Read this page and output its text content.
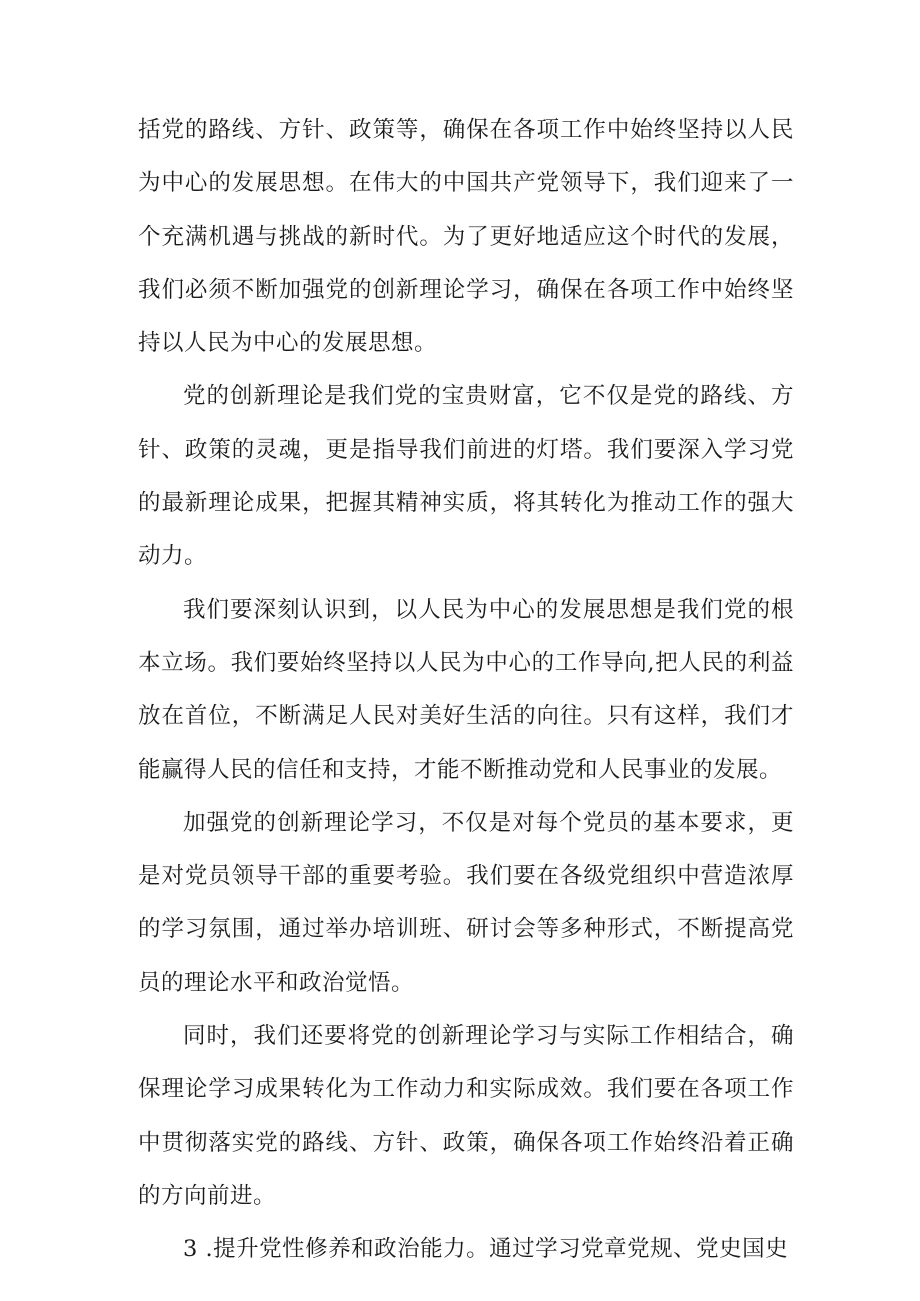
括党的路线、方针、政策等，确保在各项工作中始终坚持以人民为中心的发展思想。在伟大的中国共产党领导下，我们迎来了一个充满机遇与挑战的新时代。为了更好地适应这个时代的发展，我们必须不断加强党的创新理论学习，确保在各项工作中始终坚持以人民为中心的发展思想。

党的创新理论是我们党的宝贵财富，它不仅是党的路线、方针、政策的灵魂，更是指导我们前进的灯塔。我们要深入学习党的最新理论成果，把握其精神实质，将其转化为推动工作的强大动力。

我们要深刻认识到，以人民为中心的发展思想是我们党的根本立场。我们要始终坚持以人民为中心的工作导向,把人民的利益放在首位，不断满足人民对美好生活的向往。只有这样，我们才能赢得人民的信任和支持，才能不断推动党和人民事业的发展。

加强党的创新理论学习，不仅是对每个党员的基本要求，更是对党员领导干部的重要考验。我们要在各级党组织中营造浓厚的学习氛围，通过举办培训班、研讨会等多种形式，不断提高党员的理论水平和政治觉悟。

同时，我们还要将党的创新理论学习与实际工作相结合，确保理论学习成果转化为工作动力和实际成效。我们要在各项工作中贯彻落实党的路线、方针、政策，确保各项工作始终沿着正确的方向前进。

3 .提升党性修养和政治能力。通过学习党章党规、党史国史
